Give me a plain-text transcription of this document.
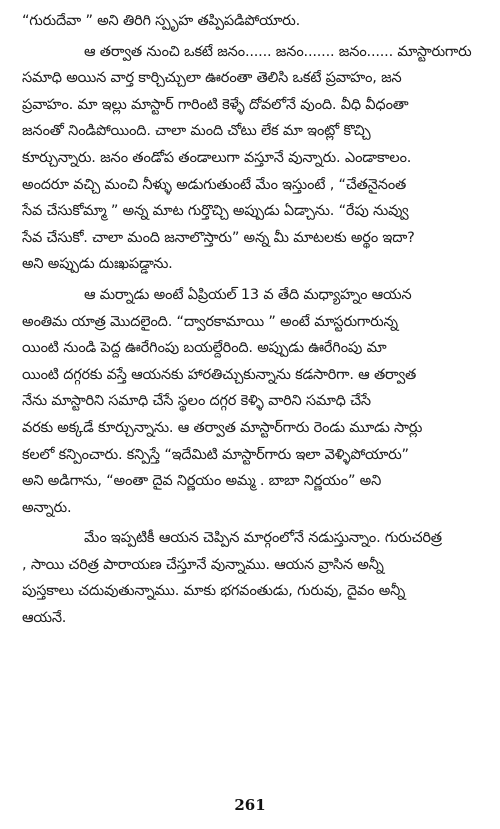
“గురుదేవా ” అని తిరిగి స్పృహ తప్పిపడిపోయారు.
ఆ తర్వాత నుంచి ఒకటే జనం...... జనం....... జనం...... మాస్టారుగారు
సమాధి అయిన వార్త కార్చిచ్చులా ఊరంతా తెలిసి ఒకటే ప్రవాహం, జన
ప్రవాహం. మా ఇల్లు మాస్టార్ గారింటి కెళ్ళే దోవలోనే వుంది. వీధి వీధంతా
జనంతో నిండిపోయింది. చాలా మంది చోటు లేక మా ఇంట్లో కొచ్చి
కూర్చున్నారు. జనం తండోప తండాలుగా వస్తూనే వున్నారు. ఎండాకాలం.
అందరూ వచ్చి మంచి నీళ్ళు అడుగుతుంటే మేం ఇస్తుంటే , “చేతనైనంత
సేవ చేసుకోమ్మా ” అన్న మాట గుర్తొచ్చి అప్పుడు ఏడ్చాను. “రేపు నువ్వు
సేవ చేసుకో. చాలా మంది జనాలొస్తారు” అన్న మీ మాటలకు అర్థం ఇదా?
అని అప్పుడు దుఃఖపడ్డాను.
ఆ మర్నాడు అంటే ఏప్రియల్ 13 వ తేది మధ్యాహ్నం ఆయన
అంతిమ యాత్ర మొదలైంది. “ద్వారకామాయి ” అంటే మాస్టరుగారున్న
యింటి నుండి పెద్ద ఊరేగింపు బయల్దేరింది. అప్పుడు ఊరేగింపు మా
యింటి దగ్గరకు వస్తే ఆయనకు హారతిచ్చుకున్నాను కడసారిగా. ఆ తర్వాత
నేను మాస్టారిని సమాధి చేసే స్థలం దగ్గర కెళ్ళి వారిని సమాధి చేసే
వరకు అక్కడే కూర్చున్నాను. ఆ తర్వాత మాస్టార్‌గారు రెండు మూడు సార్లు
కలలో కన్పించారు. కన్పిస్తే “ఇదేమిటి మాస్టార్‌గారు ఇలా వెళ్ళిపోయారు”
అని అడిగాను, “అంతా దైవ నిర్ణయం అమ్మ . బాబా నిర్ణయం” అని
అన్నారు.
మేం ఇప్పటికీ ఆయన చెప్పిన మార్గంలోనే నడుస్తున్నాం. గురుచరిత్ర
, సాయి చరిత్ర పారాయణ చేస్తూనే వున్నాము. ఆయన వ్రాసిన అన్నీ
పుస్తకాలు చదువుతున్నాము. మాకు భగవంతుడు, గురువు, దైవం అన్నీ
ఆయనే.
261
